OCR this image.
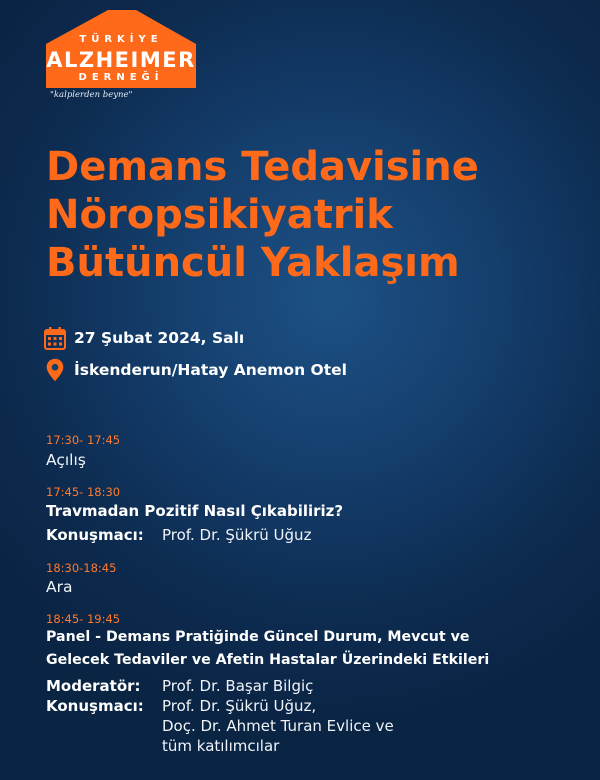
TÜRKİYE
ALZHEIMER
DERNEĞİ
"kalplerden beyne"
Demans Tedavisine
Nöropsikiyatrik
Bütüncül Yaklaşım
27 Şubat 2024, Salı
İskenderun/Hatay Anemon Otel
17:30- 17:45
Açılış
17:45- 18:30
Travmadan Pozitif Nasıl Çıkabiliriz?
Konuşmacı: Prof. Dr. Şükrü Uğuz
18:30-18:45
Ara
18:45- 19:45
Panel - Demans Pratiğinde Güncel Durum, Mevcut ve
Gelecek Tedaviler ve Afetin Hastalar Üzerindeki Etkileri
Moderatör: Prof. Dr. Başar Bilgiç
Konuşmacı: Prof. Dr. Şükrü Uğuz,
Doç. Dr. Ahmet Turan Evlice ve
tüm katılımcılar
